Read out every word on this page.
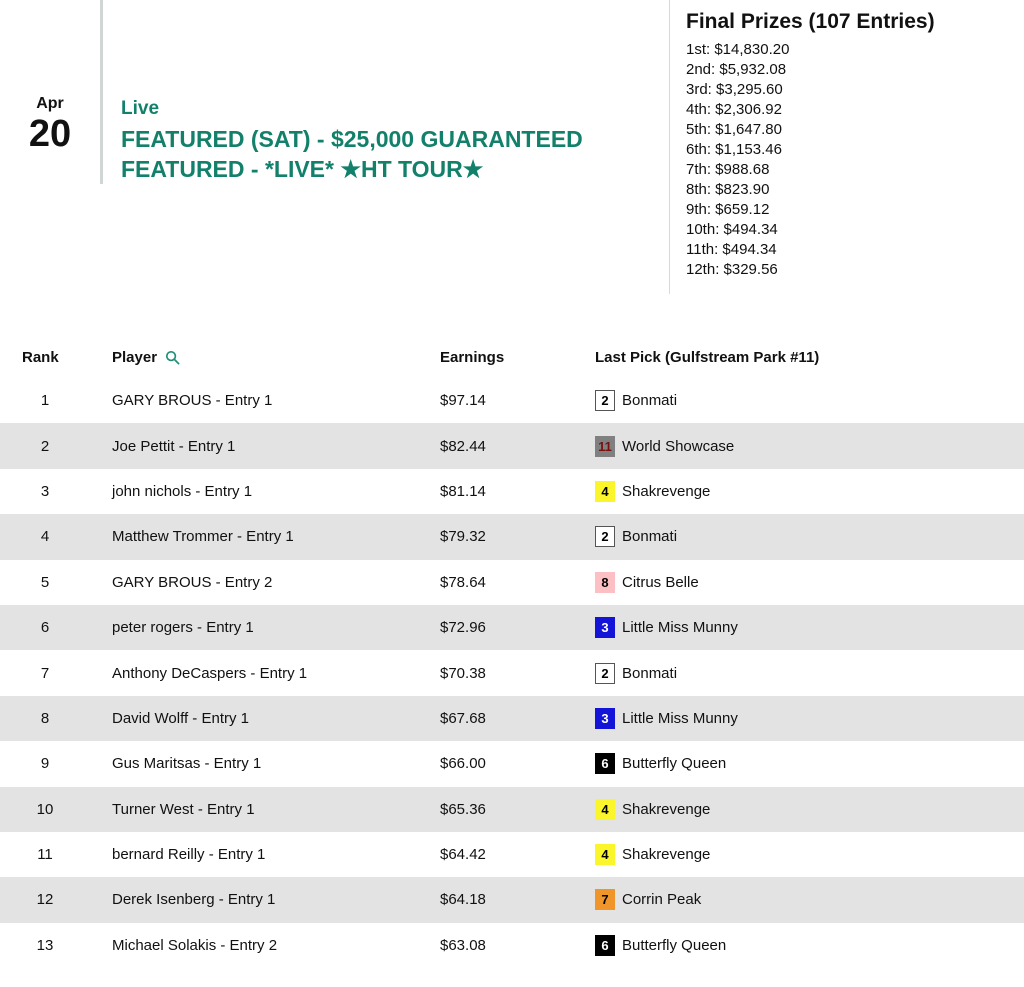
Apr
20
Live
FEATURED (SAT) - $25,000 GUARANTEED
FEATURED - *LIVE* ★HT TOUR★
Final Prizes (107 Entries)
1st: $14,830.20
2nd: $5,932.08
3rd: $3,295.60
4th: $2,306.92
5th: $1,647.80
6th: $1,153.46
7th: $988.68
8th: $823.90
9th: $659.12
10th: $494.34
11th: $494.34
12th: $329.56
Rank	Player	Earnings	Last Pick (Gulfstream Park #11)
1	GARY BROUS - Entry 1	$97.14	2 Bonmati
2	Joe Pettit - Entry 1	$82.44	11 World Showcase
3	john nichols - Entry 1	$81.14	4 Shakrevenge
4	Matthew Trommer - Entry 1	$79.32	2 Bonmati
5	GARY BROUS - Entry 2	$78.64	8 Citrus Belle
6	peter rogers - Entry 1	$72.96	3 Little Miss Munny
7	Anthony DeCaspers - Entry 1	$70.38	2 Bonmati
8	David Wolff - Entry 1	$67.68	3 Little Miss Munny
9	Gus Maritsas - Entry 1	$66.00	6 Butterfly Queen
10	Turner West - Entry 1	$65.36	4 Shakrevenge
11	bernard Reilly - Entry 1	$64.42	4 Shakrevenge
12	Derek Isenberg - Entry 1	$64.18	7 Corrin Peak
13	Michael Solakis - Entry 2	$63.08	6 Butterfly Queen
